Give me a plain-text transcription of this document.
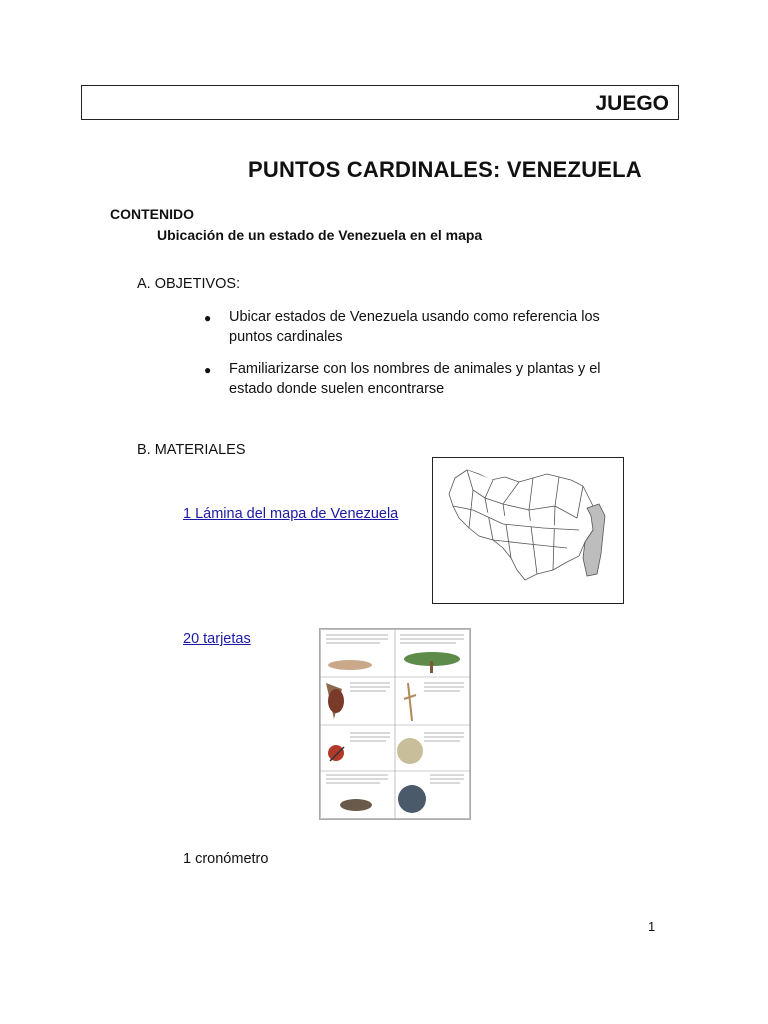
JUEGO
PUNTOS CARDINALES: VENEZUELA
CONTENIDO
Ubicación de un estado de Venezuela en el mapa
A. OBJETIVOS:
● Ubicar estados de Venezuela usando como referencia los
puntos cardinales
● Familiarizarse con los nombres de animales y plantas y el
estado donde suelen encontrarse
B. MATERIALES
1 Lámina del mapa de Venezuela
20 tarjetas
1 cronómetro
1
